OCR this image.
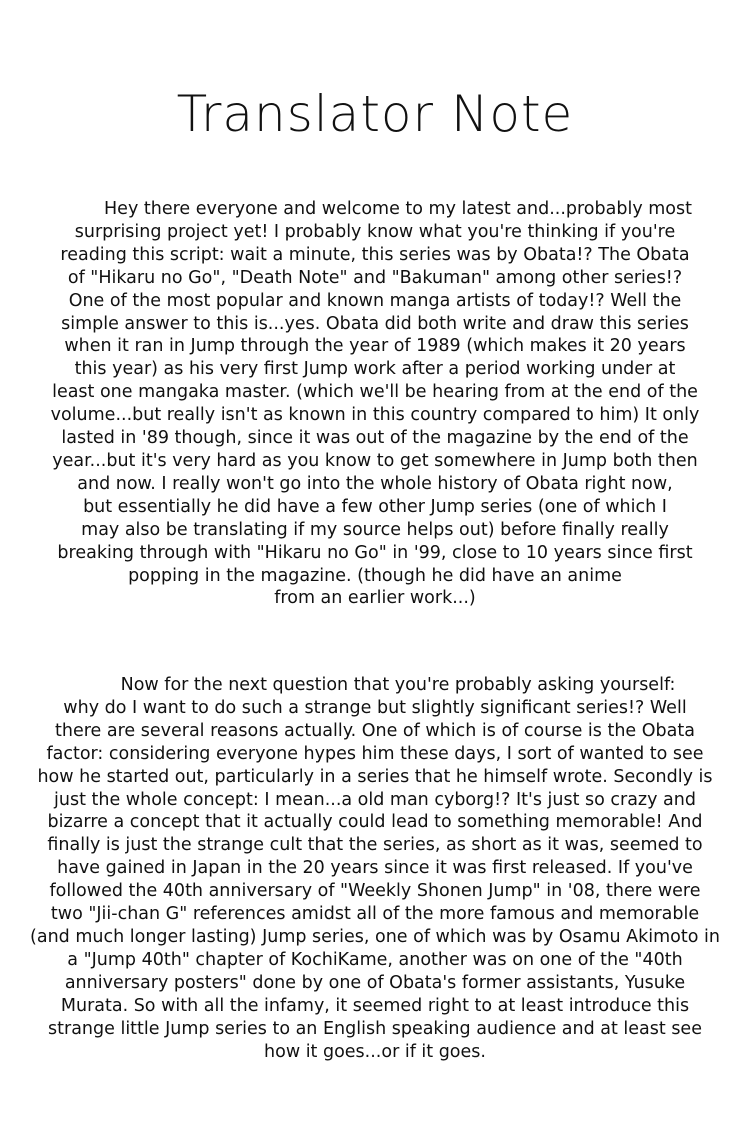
Translator Note
Hey there everyone and welcome to my latest and...probably most
surprising project yet! I probably know what you're thinking if you're
reading this script: wait a minute, this series was by Obata!? The Obata
of "Hikaru no Go", "Death Note" and "Bakuman" among other series!?
One of the most popular and known manga artists of today!? Well the
simple answer to this is...yes. Obata did both write and draw this series
when it ran in Jump through the year of 1989 (which makes it 20 years
this year) as his very first Jump work after a period working under at
least one mangaka master. (which we'll be hearing from at the end of the
volume...but really isn't as known in this country compared to him) It only
lasted in '89 though, since it was out of the magazine by the end of the
year...but it's very hard as you know to get somewhere in Jump both then
and now. I really won't go into the whole history of Obata right now,
but essentially he did have a few other Jump series (one of which I
may also be translating if my source helps out) before finally really
breaking through with "Hikaru no Go" in '99, close to 10 years since first
popping in the magazine. (though he did have an anime
from an earlier work...)
Now for the next question that you're probably asking yourself:
why do I want to do such a strange but slightly significant series!? Well
there are several reasons actually. One of which is of course is the Obata
factor: considering everyone hypes him these days, I sort of wanted to see
how he started out, particularly in a series that he himself wrote. Secondly is
just the whole concept: I mean...a old man cyborg!? It's just so crazy and
bizarre a concept that it actually could lead to something memorable! And
finally is just the strange cult that the series, as short as it was, seemed to
have gained in Japan in the 20 years since it was first released. If you've
followed the 40th anniversary of "Weekly Shonen Jump" in '08, there were
two "Jii-chan G" references amidst all of the more famous and memorable
(and much longer lasting) Jump series, one of which was by Osamu Akimoto in
a "Jump 40th" chapter of KochiKame, another was on one of the "40th
anniversary posters" done by one of Obata's former assistants, Yusuke
Murata. So with all the infamy, it seemed right to at least introduce this
strange little Jump series to an English speaking audience and at least see
how it goes...or if it goes.
